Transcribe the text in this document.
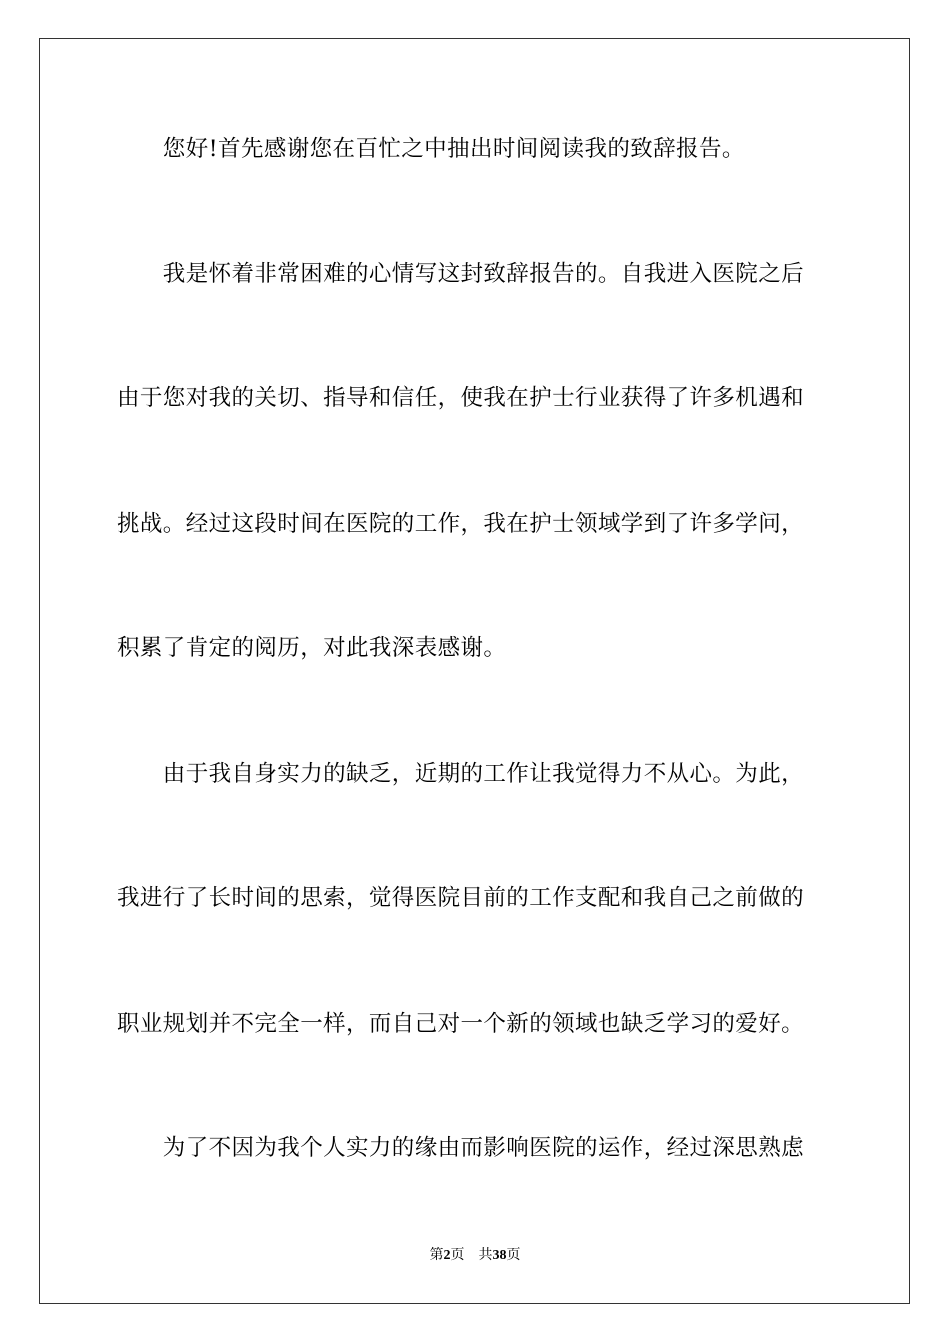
　　您好!首先感谢您在百忙之中抽出时间阅读我的致辞报告。
　　我是怀着非常困难的心情写这封致辞报告的。自我进入医院之后
由于您对我的关切、指导和信任，使我在护士行业获得了许多机遇和
挑战。经过这段时间在医院的工作，我在护士领域学到了许多学问，
积累了肯定的阅历，对此我深表感谢。
　　由于我自身实力的缺乏，近期的工作让我觉得力不从心。为此，
我进行了长时间的思索，觉得医院目前的工作支配和我自己之前做的
职业规划并不完全一样，而自己对一个新的领域也缺乏学习的爱好。
　　为了不因为我个人实力的缘由而影响医院的运作，经过深思熟虑
第2页 共38页
